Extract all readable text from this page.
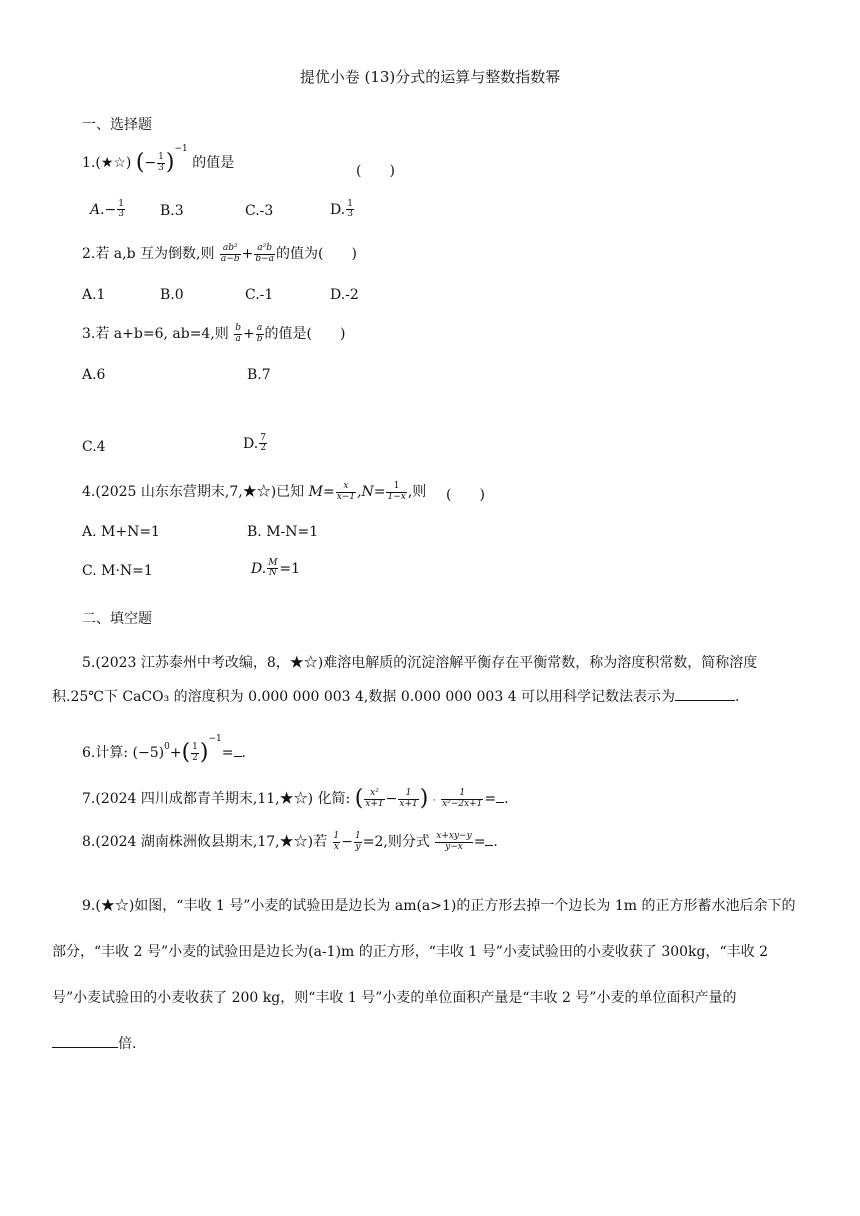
提优小卷 (13)分式的运算与整数指数幂
一、选择题
1.(★☆) (− $\frac{1}{3} )^{-1}$ 的值是	(　　)
$A.- \frac{1}{3} B.3$	C.-3	D. $\frac{1}{3}$
2.若 a,b 互为倒数,则 $\frac{\text{ab²}}{a-b} + \frac{\text{a²b}}{b-a}$ 的值为(　　)
A.1	B.0	C.-1	D.-2
3.若 a+b=6, ab=4,则 $\frac{b}{a} + \frac{a}{b}$ 的值是(　　)
A.6	B.7
C.4	D. $\frac{7}{2}$
4.(2025 山东东营期末,7,★☆)已知 $M= \frac{x}{x-1} ,N= \frac{1}{1-x}$ ,则 (　　)
A. M+N=1	B. M-N=1
C. M·N=1	D. $\frac{M}{N} =1$
二、填空题
5.(2023 江苏泰州中考改编，8，★☆)难溶电解质的沉淀溶解平衡存在平衡常数，称为溶度积常数，简称溶度积.25℃下 CaCO₃ 的溶度积为 0.000 000 003 4,数据 0.000 000 003 4 可以用科学记数法表示为	.
6.计算: $(-5)^0+( \frac{1}{2} )^{-1}=$ .
7.(2024 四川成都青羊期末,11,★☆) 化简: ( $\frac{\text{x²}}{x+1} - \frac{1}{x+1}$ ) · $\frac{1}{\text{x²−2x+1}}$ = .
8.(2024 湖南株洲攸县期末,17,★☆)若 $\frac{1}{x} - \frac{1}{y} =2$,则分式 $\frac{x+xy-y}{y-x}$ = .
9.(★☆)如图，“丰收 1 号”小麦的试验田是边长为 am(a>1)的正方形去掉一个边长为 1m 的正方形蓄水池后余下的部分，“丰收 2 号”小麦的试验田是边长为(a-1)m 的正方形，“丰收 1 号”小麦试验田的小麦收获了 300kg，“丰收 2 号”小麦试验田的小麦收获了 200 kg，则“丰收 1 号”小麦的单位面积产量是“丰收 2 号”小麦的单位面积产量的倍.
